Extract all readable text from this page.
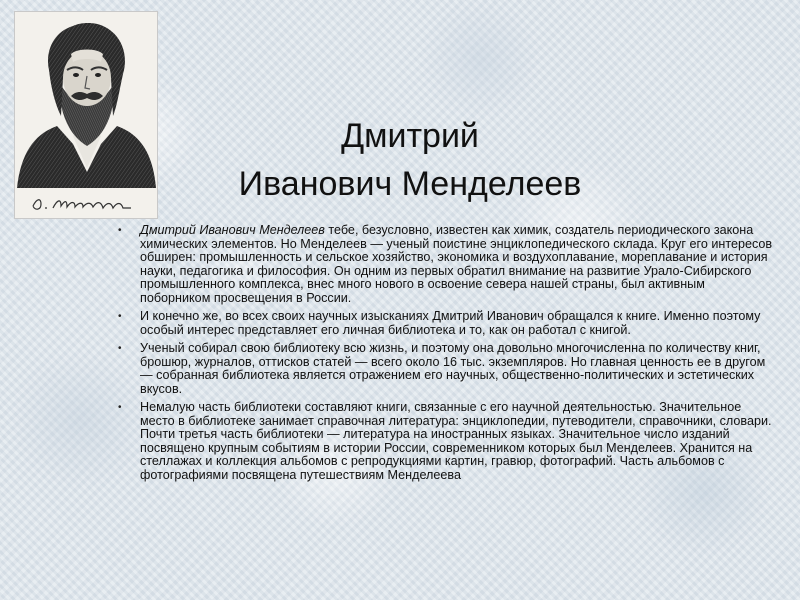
Дмитрий
Иванович Менделеев
• Дмитрий Иванович Менделеев тебе, безусловно, известен как химик, создатель периодического закона химических элементов. Но Менделеев — ученый поистине энциклопедического склада. Круг его интересов обширен: промышленность и сельское хозяйство, экономика и воздухоплавание, мореплавание и история науки, педагогика и философия. Он одним из первых обратил внимание на развитие Урало-Сибирского промышленного комплекса, внес много нового в освоение севера нашей страны, был активным поборником просвещения в России.
• И конечно же, во всех своих научных изысканиях Дмитрий Иванович обращался к книге. Именно поэтому особый интерес представляет его личная библиотека и то, как он работал с книгой.
• Ученый собирал свою библиотеку всю жизнь, и поэтому она довольно многочисленна по количеству книг, брошюр, журналов, оттисков статей — всего около 16 тыс. экземпляров. Но главная ценность ее в другом — собранная библиотека является отражением его научных, общественно-политических и эстетических вкусов.
• Немалую часть библиотеки составляют книги, связанные с его научной деятельностью. Значительное место в библиотеке занимает справочная литература: энциклопедии, путеводители, справочники, словари. Почти третья часть библиотеки — литература на иностранных языках. Значительное число изданий посвящено крупным событиям в истории России, современником которых был Менделеев. Хранится на стеллажах и коллекция альбомов с репродукциями картин, гравюр, фотографий. Часть альбомов с фотографиями посвящена путешествиям Менделеева
